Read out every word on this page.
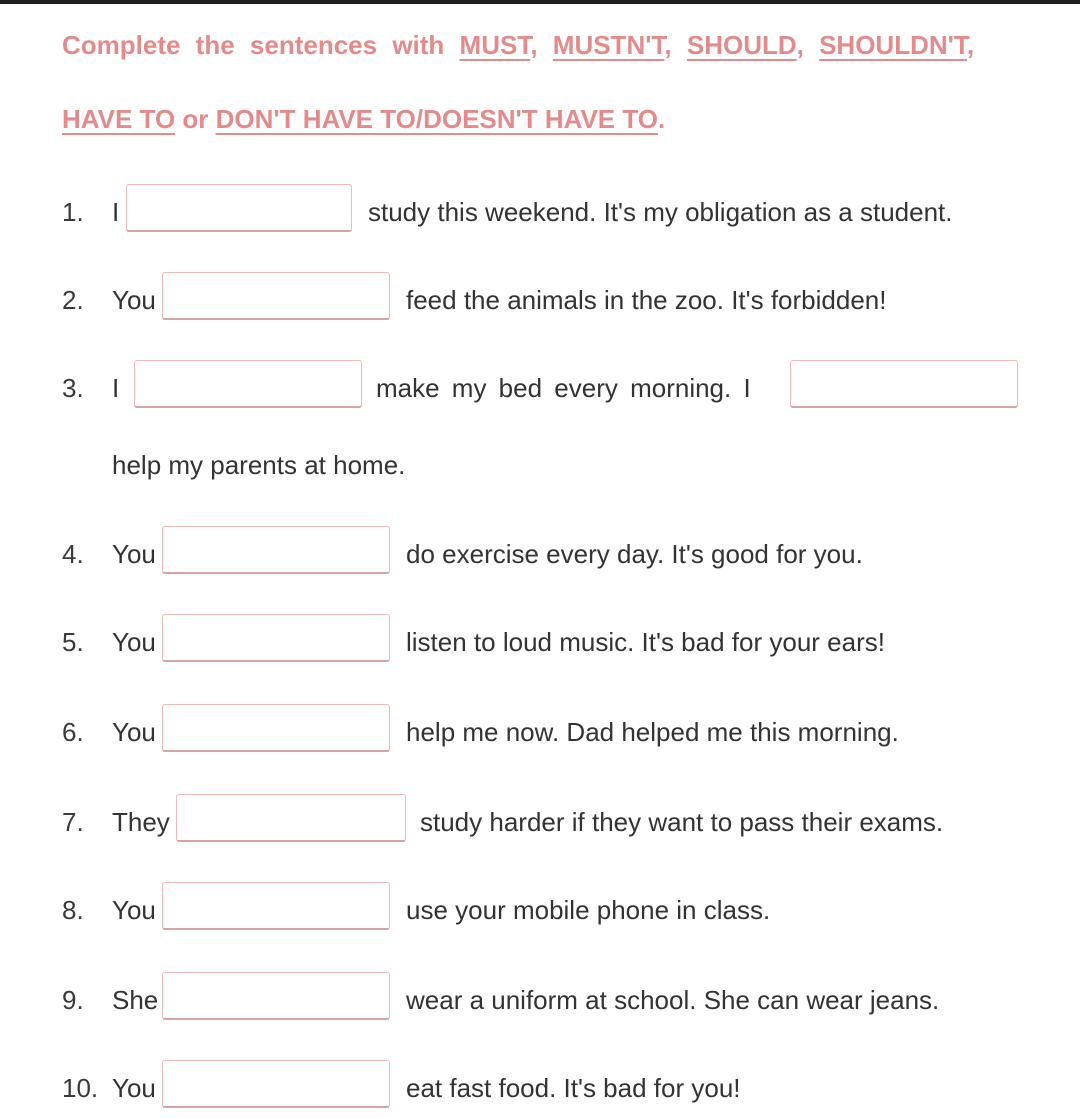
Complete the sentences with MUST, MUSTN'T, SHOULD, SHOULDN'T,
HAVE TO or DON'T HAVE TO/DOESN'T HAVE TO.
1. I	study this weekend. It's my obligation as a student.
2. You	feed the animals in the zoo. It's forbidden!
3. I	make my bed every morning. I
help my parents at home.
4. You	do exercise every day. It's good for you.
5. You	listen to loud music. It's bad for your ears!
6. You	help me now. Dad helped me this morning.
7. They	study harder if they want to pass their exams.
8. You	use your mobile phone in class.
9. She	wear a uniform at school. She can wear jeans.
10. You	eat fast food. It's bad for you!
